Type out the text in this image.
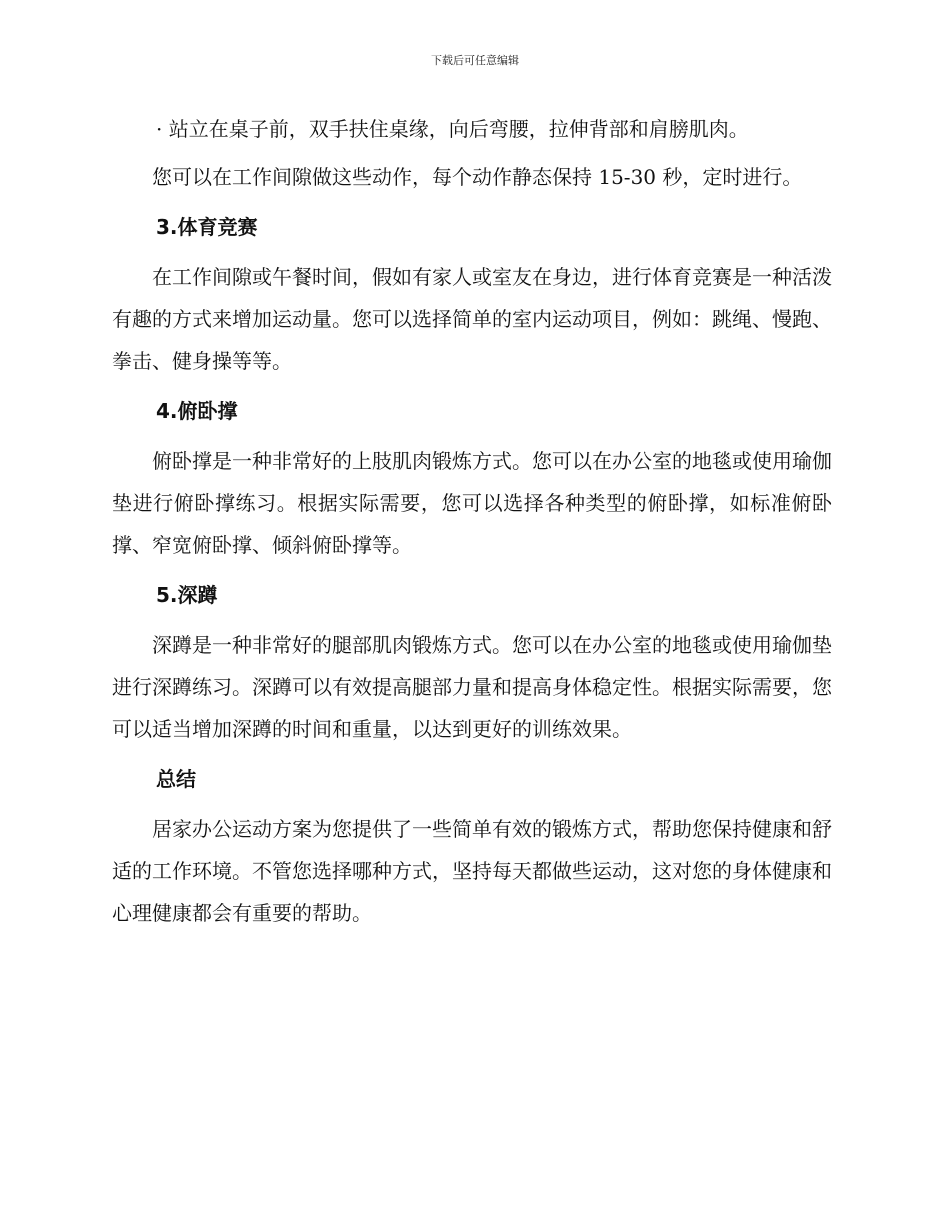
下载后可任意编辑

· 站立在桌子前，双手扶住桌缘，向后弯腰，拉伸背部和肩膀肌肉。

您可以在工作间隙做这些动作，每个动作静态保持 15-30 秒，定时进行。

3.体育竞赛

在工作间隙或午餐时间，假如有家人或室友在身边，进行体育竞赛是一种活泼有趣的方式来增加运动量。您可以选择简单的室内运动项目，例如：跳绳、慢跑、拳击、健身操等等。

4.俯卧撑

俯卧撑是一种非常好的上肢肌肉锻炼方式。您可以在办公室的地毯或使用瑜伽垫进行俯卧撑练习。根据实际需要，您可以选择各种类型的俯卧撑，如标准俯卧撑、窄宽俯卧撑、倾斜俯卧撑等。

5.深蹲

深蹲是一种非常好的腿部肌肉锻炼方式。您可以在办公室的地毯或使用瑜伽垫进行深蹲练习。深蹲可以有效提高腿部力量和提高身体稳定性。根据实际需要，您可以适当增加深蹲的时间和重量，以达到更好的训练效果。

总结

居家办公运动方案为您提供了一些简单有效的锻炼方式，帮助您保持健康和舒适的工作环境。不管您选择哪种方式，坚持每天都做些运动，这对您的身体健康和心理健康都会有重要的帮助。
